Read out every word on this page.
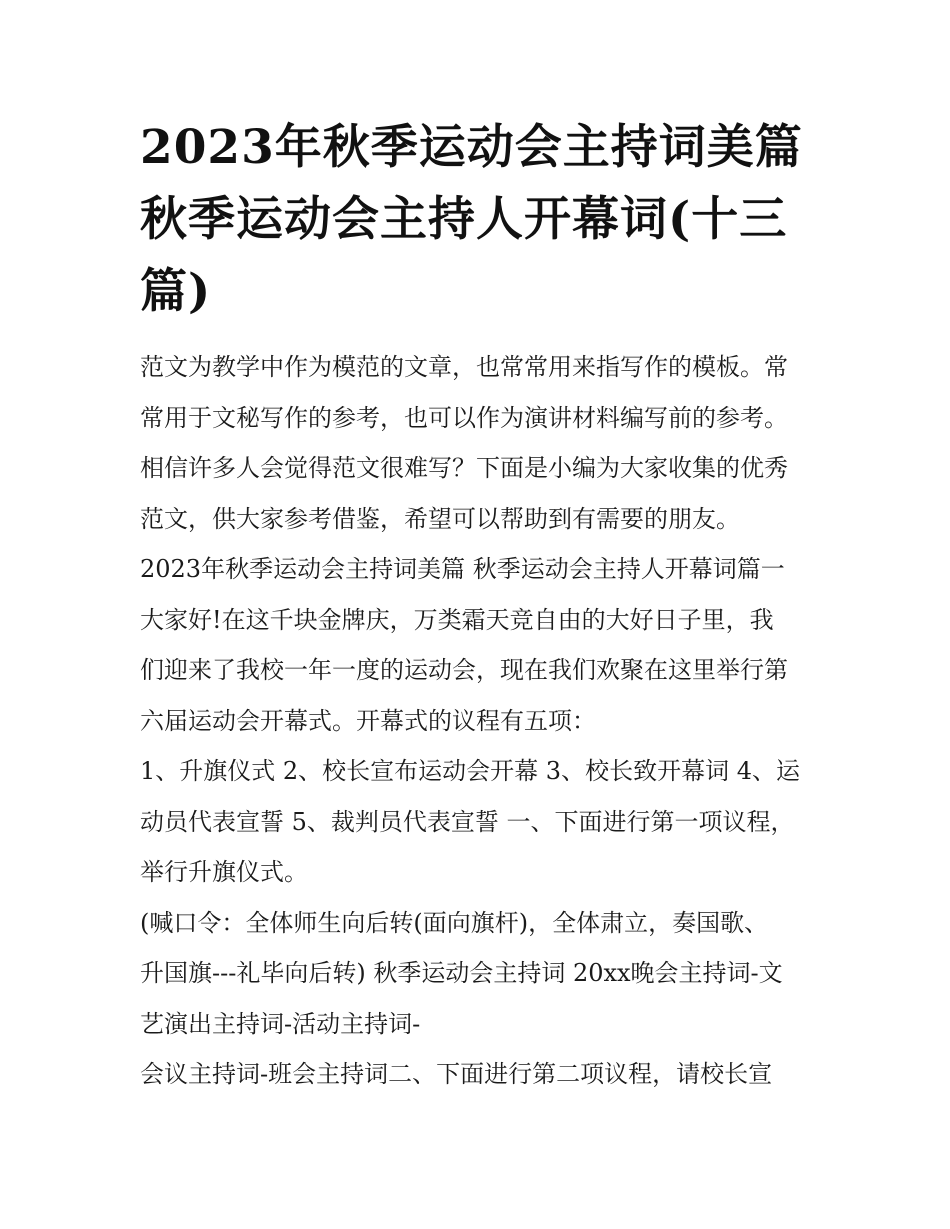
2023年秋季运动会主持词美篇
秋季运动会主持人开幕词(十三
篇)
范文为教学中作为模范的文章，也常常用来指写作的模板。常
常用于文秘写作的参考，也可以作为演讲材料编写前的参考。
相信许多人会觉得范文很难写？下面是小编为大家收集的优秀
范文，供大家参考借鉴，希望可以帮助到有需要的朋友。
2023年秋季运动会主持词美篇 秋季运动会主持人开幕词篇一
大家好!在这千块金牌庆，万类霜天竞自由的大好日子里，我
们迎来了我校一年一度的运动会，现在我们欢聚在这里举行第
六届运动会开幕式。开幕式的议程有五项：
1、升旗仪式 2、校长宣布运动会开幕 3、校长致开幕词 4、运
动员代表宣誓 5、裁判员代表宣誓 一、下面进行第一项议程，
举行升旗仪式。
(喊口令：全体师生向后转(面向旗杆)，全体肃立，奏国歌、
升国旗---礼毕向后转) 秋季运动会主持词 20xx晚会主持词-文
艺演出主持词-活动主持词-
会议主持词-班会主持词二、下面进行第二项议程，请校长宣
